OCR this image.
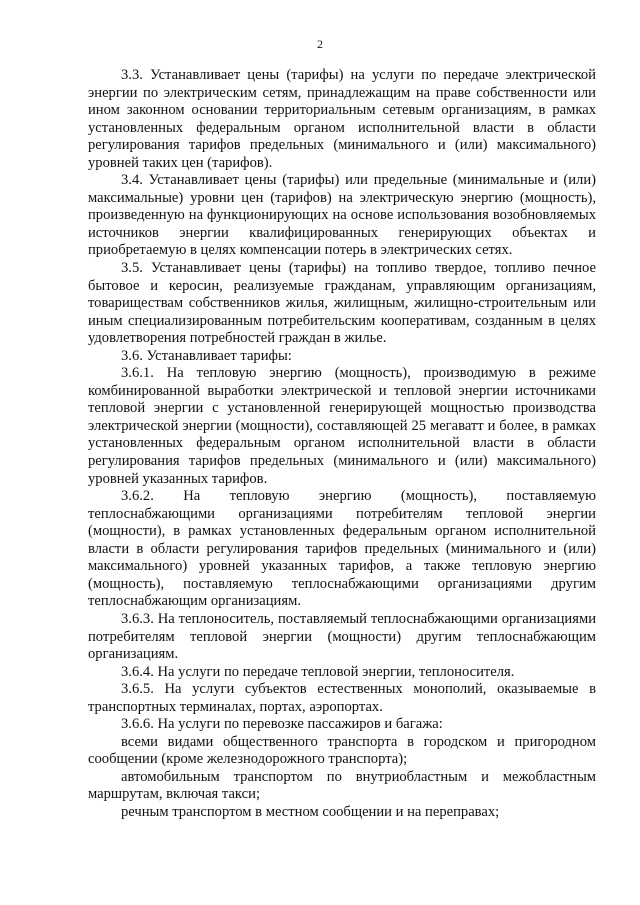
2

3.3. Устанавливает цены (тарифы) на услуги по передаче электрической энергии по электрическим сетям, принадлежащим на праве собственности или ином законном основании территориальным сетевым организациям, в рамках установленных федеральным органом исполнительной власти в области регулирования тарифов предельных (минимального и (или) максимального) уровней таких цен (тарифов).

3.4. Устанавливает цены (тарифы) или предельные (минимальные и (или) максимальные) уровни цен (тарифов) на электрическую энергию (мощность), произведенную на функционирующих на основе использования возобновляемых источников энергии квалифицированных генерирующих объектах и приобретаемую в целях компенсации потерь в электрических сетях.

3.5. Устанавливает цены (тарифы) на топливо твердое, топливо печное бытовое и керосин, реализуемые гражданам, управляющим организациям, товариществам собственников жилья, жилищным, жилищно-строительным или иным специализированным потребительским кооперативам, созданным в целях удовлетворения потребностей граждан в жилье.

3.6. Устанавливает тарифы:

3.6.1. На тепловую энергию (мощность), производимую в режиме комбинированной выработки электрической и тепловой энергии источниками тепловой энергии с установленной генерирующей мощностью производства электрической энергии (мощности), составляющей 25 мегаватт и более, в рамках установленных федеральным органом исполнительной власти в области регулирования тарифов предельных (минимального и (или) максимального) уровней указанных тарифов.

3.6.2. На тепловую энергию (мощность), поставляемую теплоснабжающими организациями потребителям тепловой энергии (мощности), в рамках установленных федеральным органом исполнительной власти в области регулирования тарифов предельных (минимального и (или) максимального) уровней указанных тарифов, а также тепловую энергию (мощность), поставляемую теплоснабжающими организациями другим теплоснабжающим организациям.

3.6.3. На теплоноситель, поставляемый теплоснабжающими организациями потребителям тепловой энергии (мощности) другим теплоснабжающим организациям.

3.6.4. На услуги по передаче тепловой энергии, теплоносителя.

3.6.5. На услуги субъектов естественных монополий, оказываемые в транспортных терминалах, портах, аэропортах.

3.6.6. На услуги по перевозке пассажиров и багажа:

всеми видами общественного транспорта в городском и пригородном сообщении (кроме железнодорожного транспорта);

автомобильным транспортом по внутриобластным и межобластным маршрутам, включая такси;

речным транспортом в местном сообщении и на переправах;
